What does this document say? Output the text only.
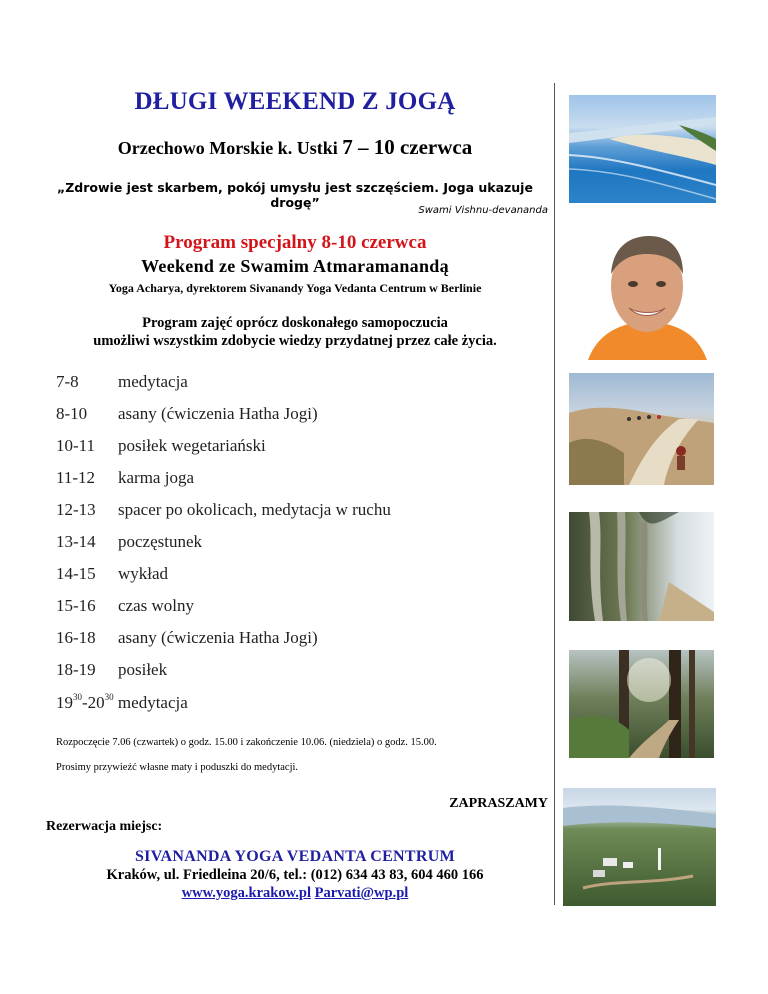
DŁUGI WEEKEND Z JOGĄ
Orzechowo Morskie k. Ustki 7 – 10 czerwca
„Zdrowie jest skarbem, pokój umysłu jest szczęściem. Joga ukazuje drogę”
Swami Vishnu-devananda
Program specjalny 8-10 czerwca
Weekend ze Swamim Atmaramanandą
Yoga Acharya, dyrektorem Sivanandy Yoga Vedanta Centrum w Berlinie
Program zajęć oprócz doskonałego samopoczucia
umożliwi wszystkim zdobycie wiedzy przydatnej przez całe życia.
7-8 medytacja
8-10 asany (ćwiczenia Hatha Jogi)
10-11 posiłek wegetariański
11-12 karma joga
12-13 spacer po okolicach, medytacja w ruchu
13-14 poczęstunek
14-15 wykład
15-16 czas wolny
16-18 asany (ćwiczenia Hatha Jogi)
18-19 posiłek
$19^{30}-20^{30}$ medytacja
Rozpoczęcie 7.06 (czwartek) o godz. 15.00 i zakończenie 10.06. (niedziela) o godz. 15.00.
Prosimy przywieźć własne maty i poduszki do medytacji.
ZAPRASZAMY
Rezerwacja miejsc:
SIVANANDA YOGA VEDANTA CENTRUM
Kraków, ul. Friedleina 20/6, tel.: (012) 634 43 83, 604 460 166
www.yoga.krakow.pl Parvati@wp.pl
